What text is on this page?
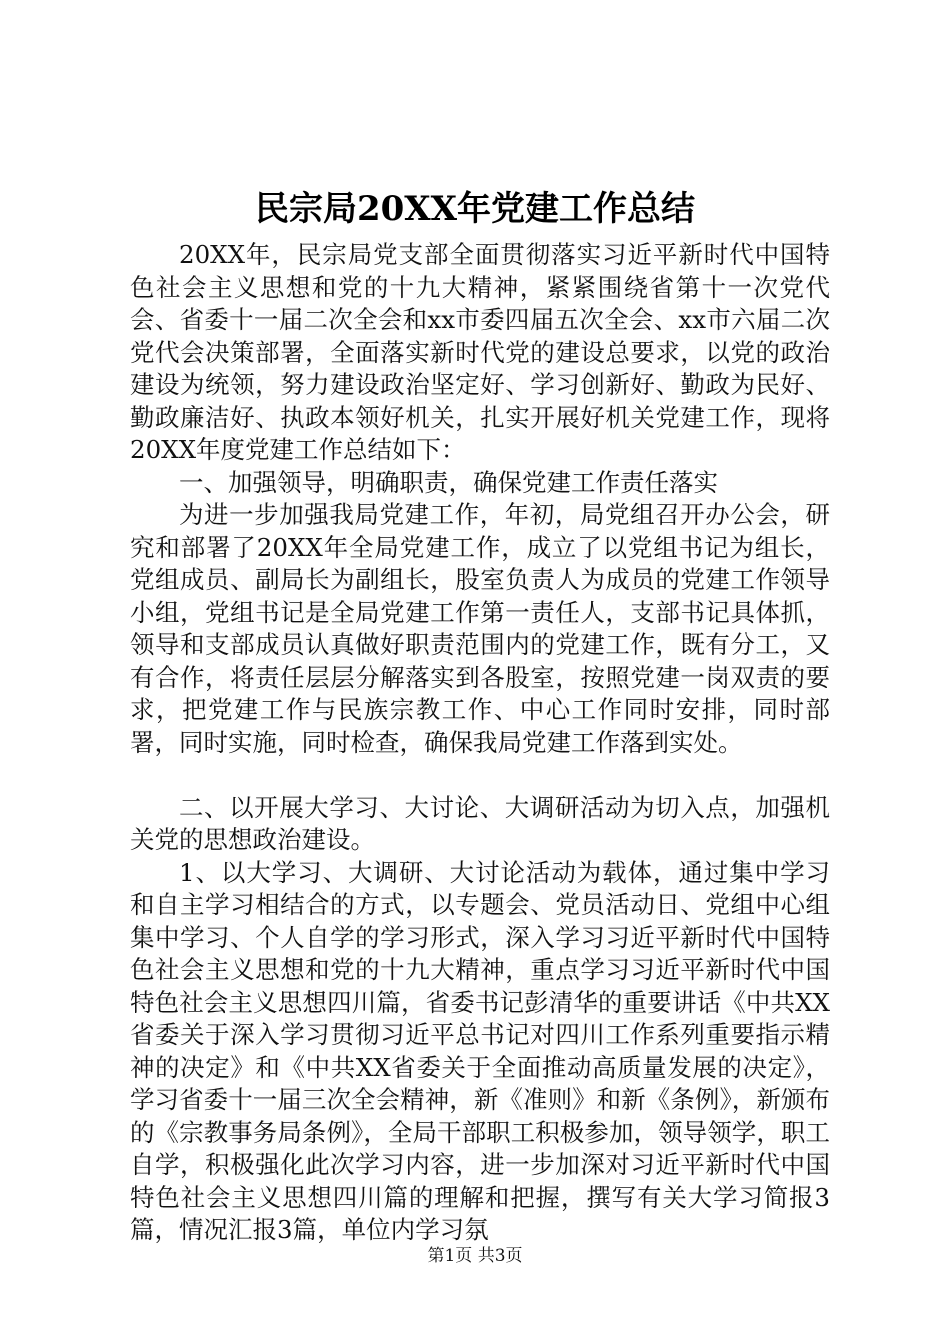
民宗局20XX年党建工作总结

20XX年，民宗局党支部全面贯彻落实习近平新时代中国特色社会主义思想和党的十九大精神，紧紧围绕省第十一次党代会、省委十一届二次全会和xx市委四届五次全会、xx市六届二次党代会决策部署，全面落实新时代党的建设总要求，以党的政治建设为统领，努力建设政治坚定好、学习创新好、勤政为民好、勤政廉洁好、执政本领好机关，扎实开展好机关党建工作，现将20XX年度党建工作总结如下：

一、加强领导，明确职责，确保党建工作责任落实

为进一步加强我局党建工作，年初，局党组召开办公会，研究和部署了20XX年全局党建工作，成立了以党组书记为组长，党组成员、副局长为副组长，股室负责人为成员的党建工作领导小组，党组书记是全局党建工作第一责任人，支部书记具体抓，领导和支部成员认真做好职责范围内的党建工作，既有分工，又有合作，将责任层层分解落实到各股室，按照党建一岗双责的要求，把党建工作与民族宗教工作、中心工作同时安排，同时部署，同时实施，同时检查，确保我局党建工作落到实处。

二、以开展大学习、大讨论、大调研活动为切入点，加强机关党的思想政治建设。

1、以大学习、大调研、大讨论活动为载体，通过集中学习和自主学习相结合的方式，以专题会、党员活动日、党组中心组集中学习、个人自学的学习形式，深入学习习近平新时代中国特色社会主义思想和党的十九大精神，重点学习习近平新时代中国特色社会主义思想四川篇，省委书记彭清华的重要讲话《中共XX省委关于深入学习贯彻习近平总书记对四川工作系列重要指示精神的决定》和《中共XX省委关于全面推动高质量发展的决定》，学习省委十一届三次全会精神，新《准则》和新《条例》，新颁布的《宗教事务局条例》，全局干部职工积极参加，领导领学，职工自学，积极强化此次学习内容，进一步加深对习近平新时代中国特色社会主义思想四川篇的理解和把握，撰写有关大学习简报3篇，情况汇报3篇，单位内学习氛

第1页 共3页
